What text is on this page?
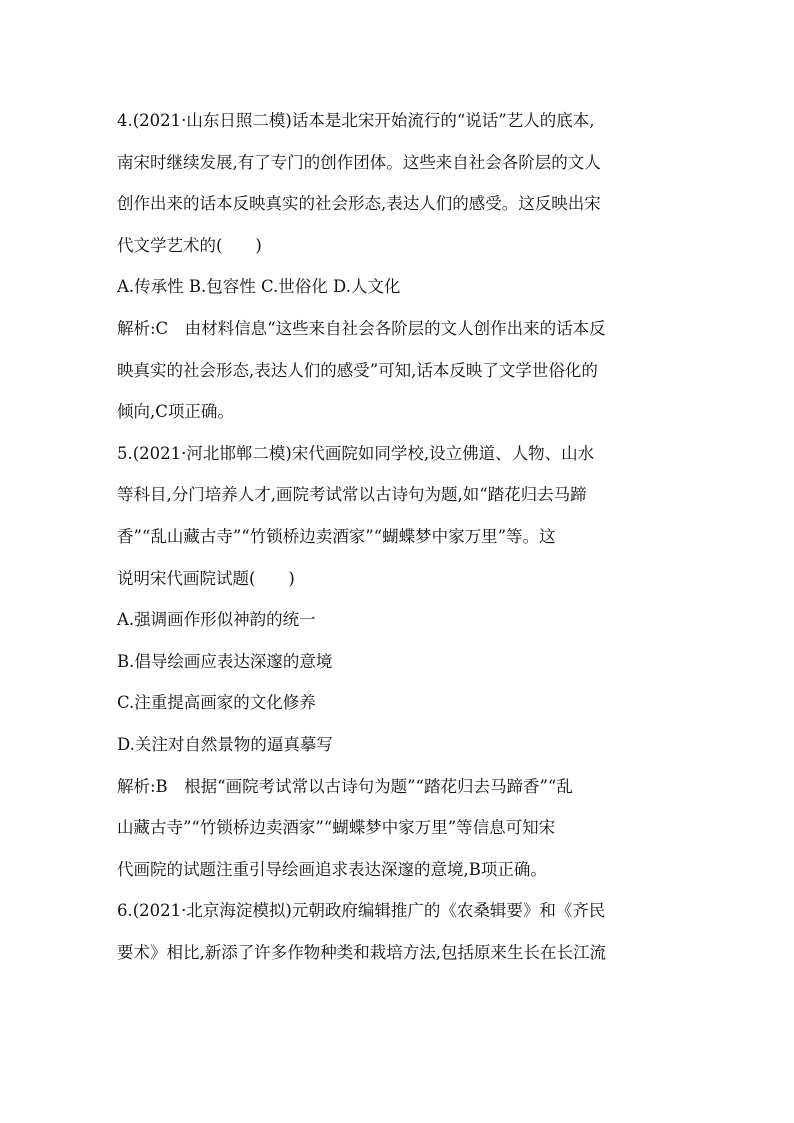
4.(2021·山东日照二模)话本是北宋开始流行的“说话”艺人的底本,
南宋时继续发展,有了专门的创作团体。这些来自社会各阶层的文人
创作出来的话本反映真实的社会形态,表达人们的感受。这反映出宋
代文学艺术的(　　)
A.传承性 B.包容性 C.世俗化 D.人文化
解析:C　由材料信息“这些来自社会各阶层的文人创作出来的话本反
映真实的社会形态,表达人们的感受”可知,话本反映了文学世俗化的
倾向,C项正确。
5.(2021·河北邯郸二模)宋代画院如同学校,设立佛道、人物、山水
等科目,分门培养人才,画院考试常以古诗句为题,如“踏花归去马蹄
香”“乱山藏古寺”“竹锁桥边卖酒家”“蝴蝶梦中家万里”等。这
说明宋代画院试题(　　)
A.强调画作形似神韵的统一
B.倡导绘画应表达深邃的意境
C.注重提高画家的文化修养
D.关注对自然景物的逼真摹写
解析:B　根据“画院考试常以古诗句为题”“踏花归去马蹄香”“乱
山藏古寺”“竹锁桥边卖酒家”“蝴蝶梦中家万里”等信息可知宋
代画院的试题注重引导绘画追求表达深邃的意境,B项正确。
6.(2021·北京海淀模拟)元朝政府编辑推广的《农桑辑要》和《齐民
要术》相比,新添了许多作物种类和栽培方法,包括原来生长在长江流
